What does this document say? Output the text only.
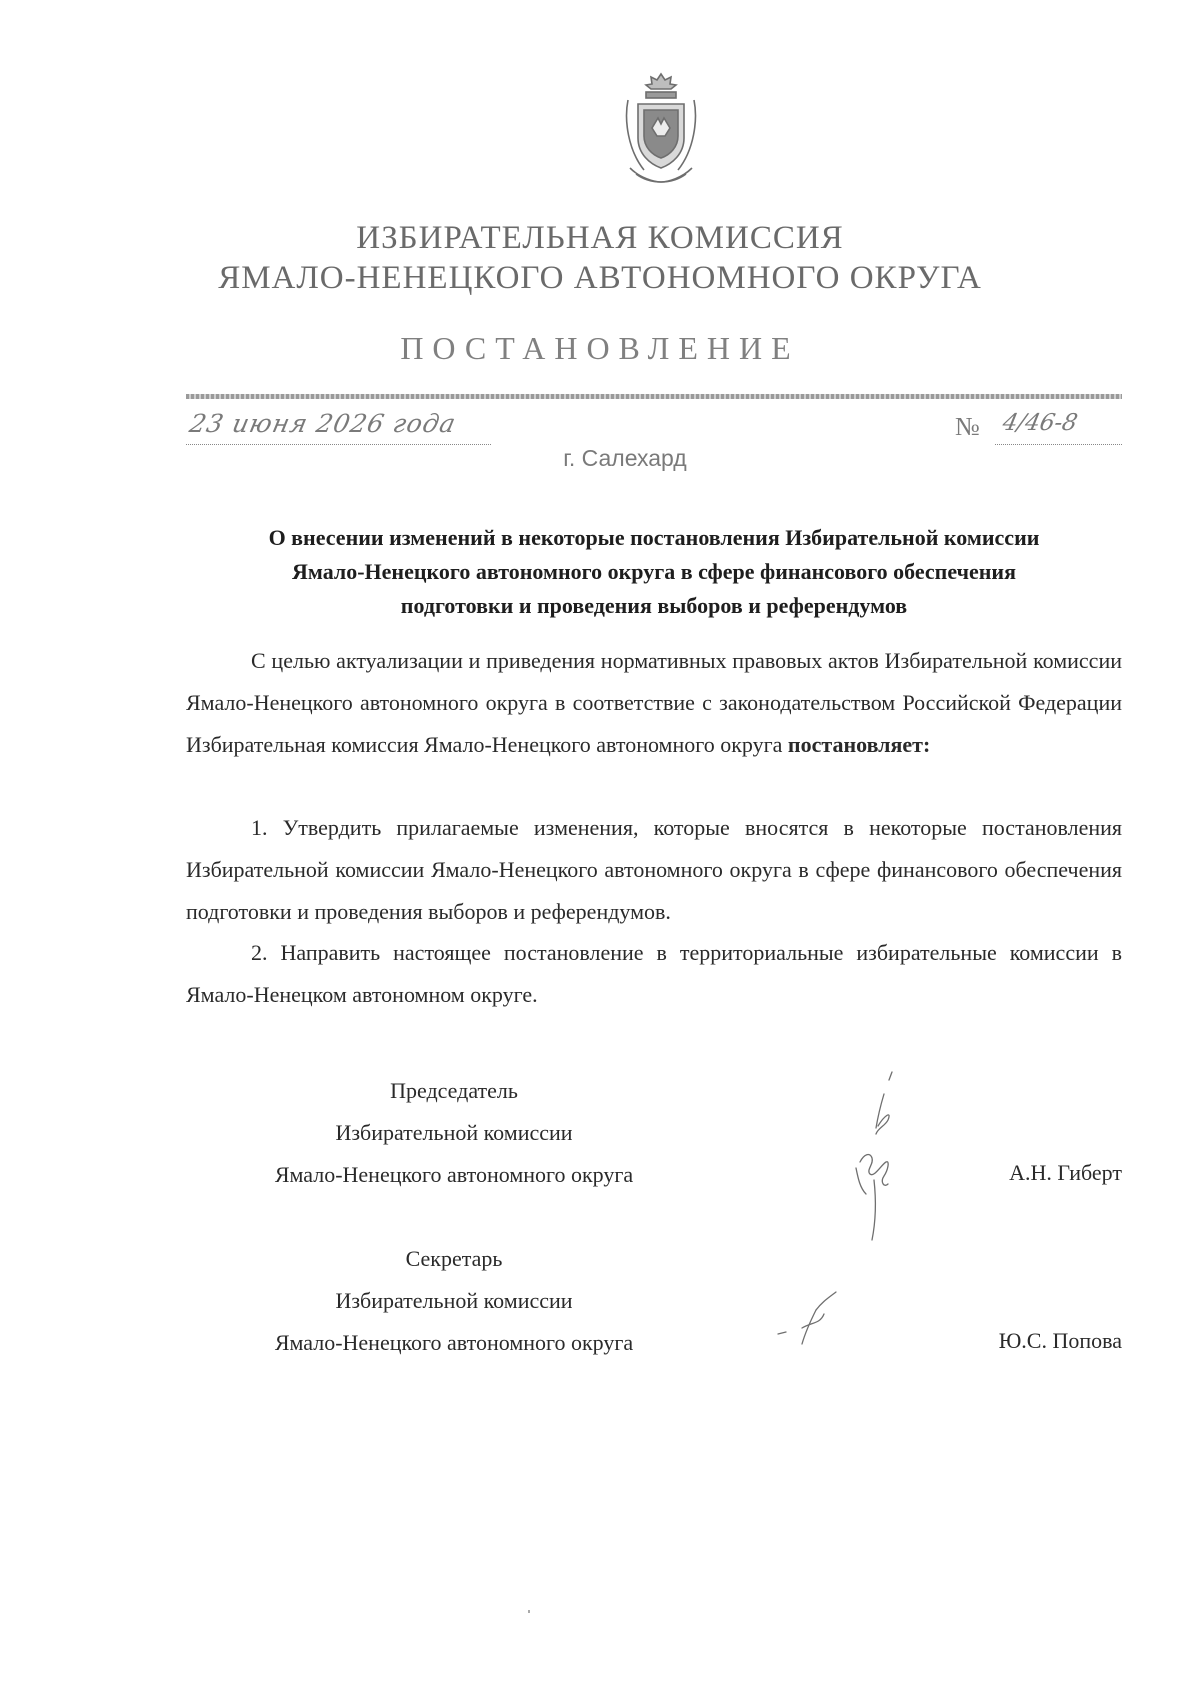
ИЗБИРАТЕЛЬНАЯ КОМИССИЯ
ЯМАЛО-НЕНЕЦКОГО АВТОНОМНОГО ОКРУГА
ПОСТАНОВЛЕНИЕ
23 июня 2026 года	№ 4/46-8
г. Салехард
О внесении изменений в некоторые постановления Избирательной комиссии
Ямало-Ненецкого автономного округа в сфере финансового обеспечения
подготовки и проведения выборов и референдумов
С целью актуализации и приведения нормативных правовых актов Избирательной комиссии Ямало-Ненецкого автономного округа в соответствие с законодательством Российской Федерации Избирательная комиссия Ямало-Ненецкого автономного округа постановляет:
1. Утвердить прилагаемые изменения, которые вносятся в некоторые постановления Избирательной комиссии Ямало-Ненецкого автономного округа в сфере финансового обеспечения подготовки и проведения выборов и референдумов.
2. Направить настоящее постановление в территориальные избирательные комиссии в Ямало-Ненецком автономном округе.
Председатель
Избирательной комиссии
Ямало-Ненецкого автономного округа	А.Н. Гиберт
Секретарь
Избирательной комиссии
Ямало-Ненецкого автономного округа	Ю.С. Попова
